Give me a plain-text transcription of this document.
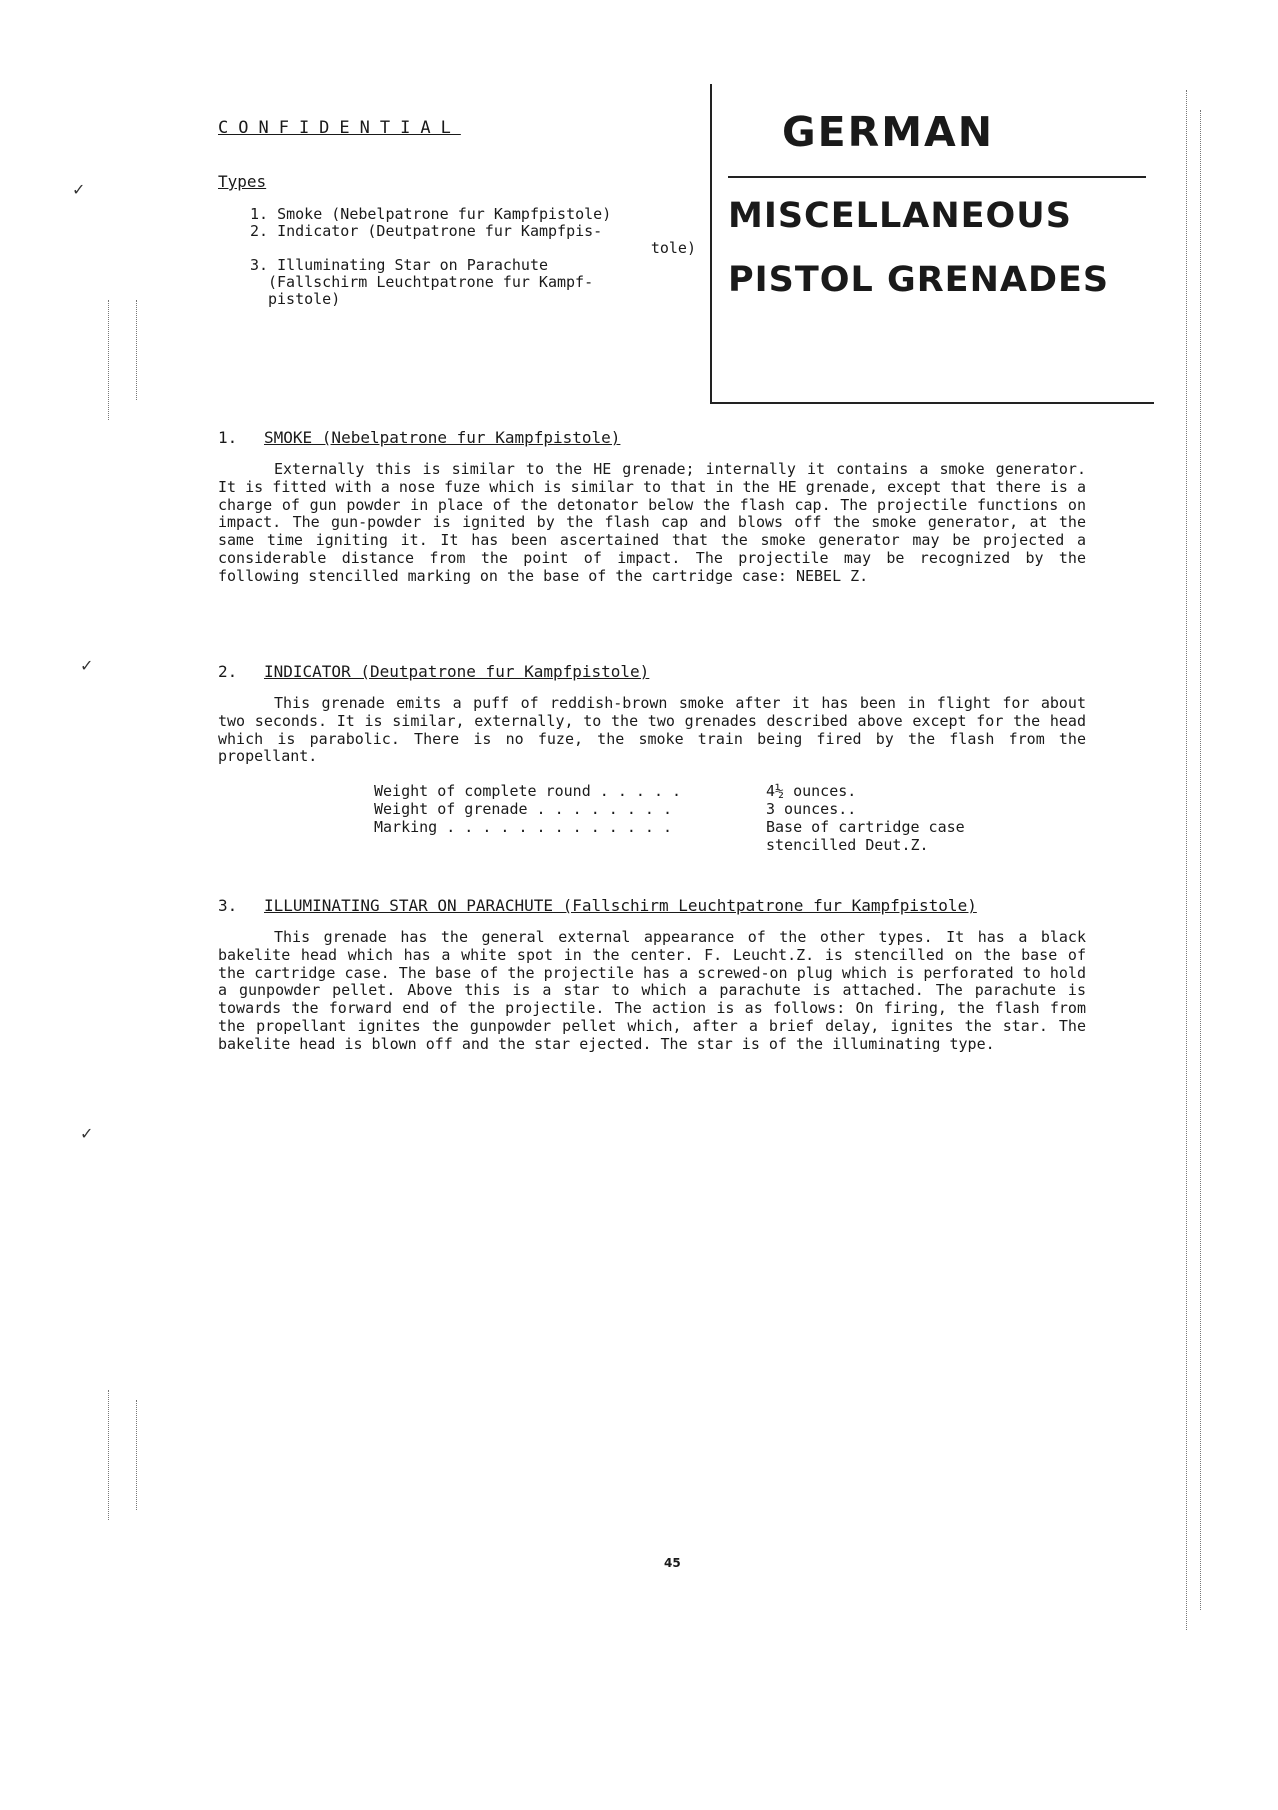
CONFIDENTIAL
Types
1. Smoke (Nebelpatrone fur Kampfpistole)
2. Indicator (Deutpatrone fur Kampfpis-
tole)
3. Illuminating Star on Parachute
(Fallschirm Leuchtpatrone fur Kampf-
pistole)
GERMAN
MISCELLANEOUS
PISTOL GRENADES

1. SMOKE (Nebelpatrone fur Kampfpistole)

Externally this is similar to the HE grenade; internally it contains a smoke generator. It is fitted with a nose fuze which is similar to that in the HE grenade, except that there is a charge of gun powder in place of the detonator below the flash cap. The projectile functions on impact. The gun-powder is ignited by the flash cap and blows off the smoke generator, at the same time igniting it. It has been ascertained that the smoke generator may be projected a considerable distance from the point of impact. The projectile may be recognized by the following stencilled marking on the base of the cartridge case: NEBEL Z.

2. INDICATOR (Deutpatrone fur Kampfpistole)

This grenade emits a puff of reddish-brown smoke after it has been in flight for about two seconds. It is similar, externally, to the two grenades described above except for the head which is parabolic. There is no fuze, the smoke train being fired by the flash from the propellant.

Weight of complete round . . . . .	4½ ounces.
Weight of grenade . . . . . . . .	3 ounces..
Marking . . . . . . . . . . . . .	Base of cartridge case
	stencilled Deut.Z.

3. ILLUMINATING STAR ON PARACHUTE (Fallschirm Leuchtpatrone fur Kampfpistole)

This grenade has the general external appearance of the other types. It has a black bakelite head which has a white spot in the center. F. Leucht.Z. is stencilled on the base of the cartridge case. The base of the projectile has a screwed-on plug which is perforated to hold a gunpowder pellet. Above this is a star to which a parachute is attached. The parachute is towards the forward end of the projectile. The action is as follows: On firing, the flash from the propellant ignites the gunpowder pellet which, after a brief delay, ignites the star. The bakelite head is blown off and the star ejected. The star is of the illuminating type.

45
✓
✓
✓
